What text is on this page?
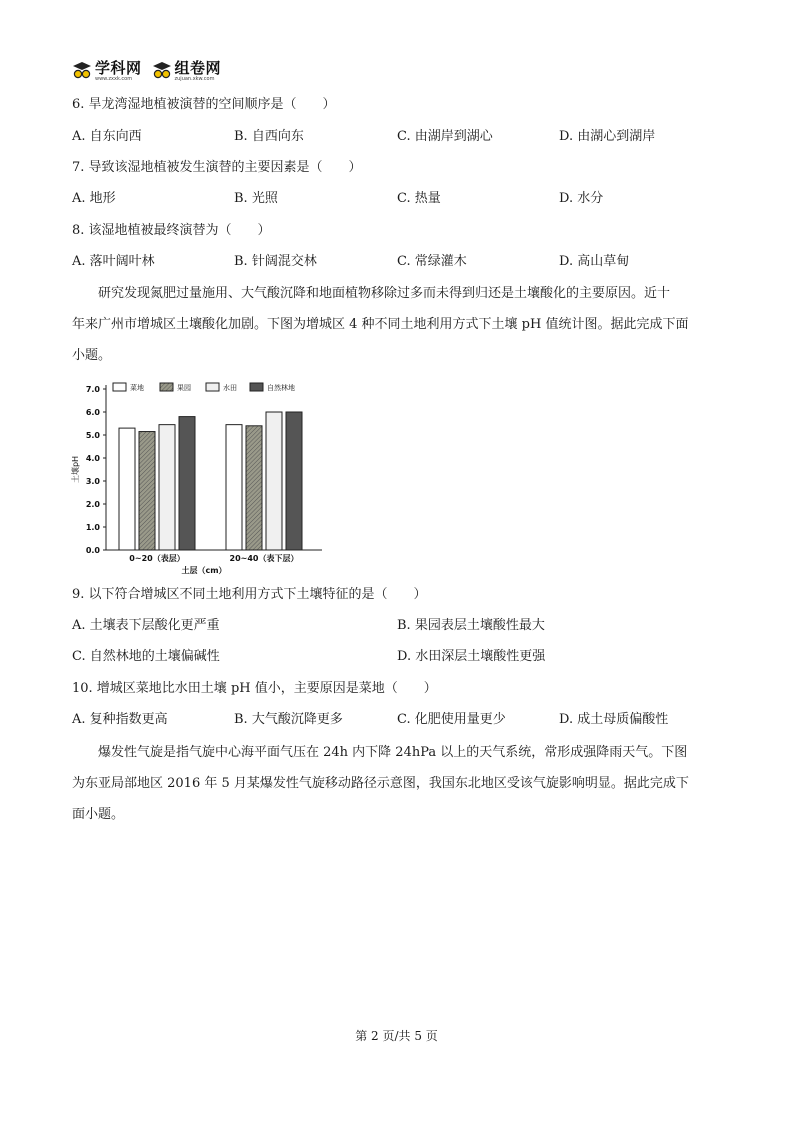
学科网
www.zxxk.com
组卷网
zujuan.xkw.com
6. 旱龙湾湿地植被演替的空间顺序是（　　）
A. 自东向西	B. 自西向东	C. 由湖岸到湖心	D. 由湖心到湖岸
7. 导致该湿地植被发生演替的主要因素是（　　）
A. 地形	B. 光照	C. 热量	D. 水分
8. 该湿地植被最终演替为（　　）
A. 落叶阔叶林	B. 针阔混交林	C. 常绿灌木	D. 高山草甸
研究发现氮肥过量施用、大气酸沉降和地面植物移除过多而未得到归还是土壤酸化的主要原因。近十
年来广州市增城区土壤酸化加剧。下图为增城区 4 种不同土地利用方式下土壤 pH 值统计图。据此完成下面
小题。
0.0
1.0
2.0
3.0
4.0
5.0
6.0
7.0
土壤pH
0~20（表层）	20~40（表下层）
土层（cm）
菜地	果园	水田	自然林地
9. 以下符合增城区不同土地利用方式下土壤特征的是（　　）
A. 土壤表下层酸化更严重	B. 果园表层土壤酸性最大
C. 自然林地的土壤偏碱性	D. 水田深层土壤酸性更强
10. 增城区菜地比水田土壤 pH 值小，主要原因是菜地（　　）
A. 复种指数更高	B. 大气酸沉降更多	C. 化肥使用量更少	D. 成土母质偏酸性
爆发性气旋是指气旋中心海平面气压在 24h 内下降 24hPa 以上的天气系统，常形成强降雨天气。下图
为东亚局部地区 2016 年 5 月某爆发性气旋移动路径示意图，我国东北地区受该气旋影响明显。据此完成下
面小题。
第 2 页/共 5 页
